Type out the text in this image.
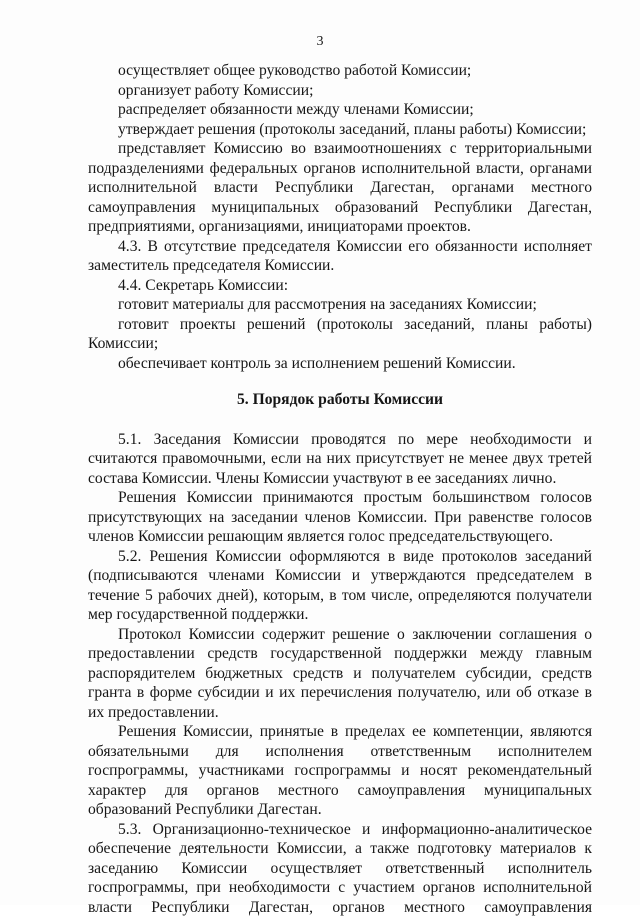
3

осуществляет общее руководство работой Комиссии;

организует работу Комиссии;

распределяет обязанности между членами Комиссии;

утверждает решения (протоколы заседаний, планы работы) Комиссии;

представляет Комиссию во взаимоотношениях с территориальными подразделениями федеральных органов исполнительной власти, органами исполнительной власти Республики Дагестан, органами местного самоуправления муниципальных образований Республики Дагестан, предприятиями, организациями, инициаторами проектов.

4.3. В отсутствие председателя Комиссии его обязанности исполняет заместитель председателя Комиссии.

4.4. Секретарь Комиссии:

готовит материалы для рассмотрения на заседаниях Комиссии;

готовит проекты решений (протоколы заседаний, планы работы) Комиссии;

обеспечивает контроль за исполнением решений Комиссии.

5. Порядок работы Комиссии

5.1. Заседания Комиссии проводятся по мере необходимости и считаются правомочными, если на них присутствует не менее двух третей состава Комиссии. Члены Комиссии участвуют в ее заседаниях лично.

Решения Комиссии принимаются простым большинством голосов присутствующих на заседании членов Комиссии. При равенстве голосов членов Комиссии решающим является голос председательствующего.

5.2. Решения Комиссии оформляются в виде протоколов заседаний (подписываются членами Комиссии и утверждаются председателем в течение 5 рабочих дней), которым, в том числе, определяются получатели мер государственной поддержки.

Протокол Комиссии содержит решение о заключении соглашения о предоставлении средств государственной поддержки между главным распорядителем бюджетных средств и получателем субсидии, средств гранта в форме субсидии и их перечисления получателю, или об отказе в их предоставлении.

Решения Комиссии, принятые в пределах ее компетенции, являются обязательными для исполнения ответственным исполнителем госпрограммы, участниками госпрограммы и носят рекомендательный характер для органов местного самоуправления муниципальных образований Республики Дагестан.

5.3. Организационно-техническое и информационно-аналитическое обеспечение деятельности Комиссии, а также подготовку материалов к заседанию Комиссии осуществляет ответственный исполнитель госпрограммы, при необходимости с участием органов исполнительной власти Республики Дагестан, органов местного самоуправления
